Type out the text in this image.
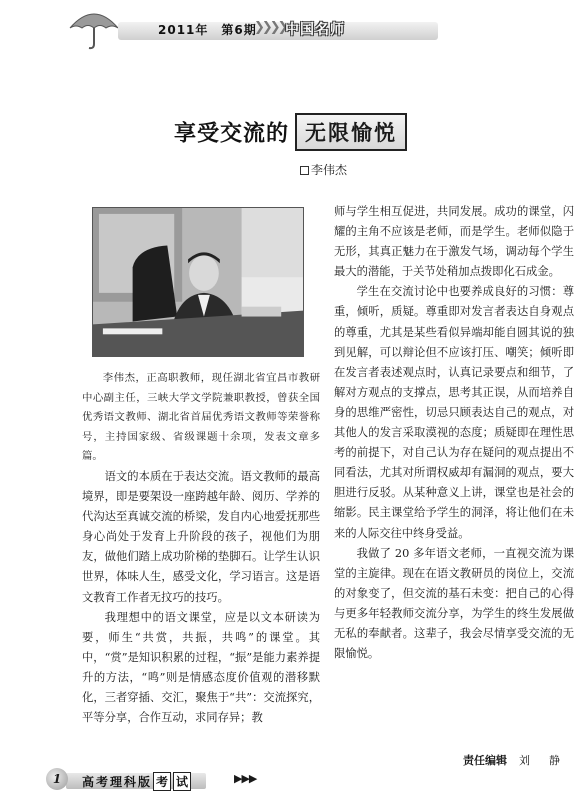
2011年　第6期
❯❯❯❯ 中国名师
享受交流的 无限愉悦
李伟杰

李伟杰，正高职教师，现任湖北省宜昌市教研中心副主任，三峡大学文学院兼职教授，曾获全国优秀语文教师、湖北省首届优秀语文教师等荣誉称号，主持国家级、省级课题十余项，发表文章多篇。

语文的本质在于表达交流。语文教师的最高境界，即是要架设一座跨越年龄、阅历、学养的代沟达至真诚交流的桥梁，发自内心地爱抚那些身心尚处于发育上升阶段的孩子，视他们为朋友，做他们踏上成功阶梯的垫脚石。让学生认识世界，体味人生，感受文化，学习语言。这是语文教育工作者无抆巧的技巧。

我理想中的语文课堂，应是以文本研读为要，师生“共赏，共振，共鸣”的课堂。其中，“赏”是知识积累的过程，“振”是能力素养提升的方法，“鸣”则是情感态度价值观的潜移默化，三者穿插、交汇，聚焦于“共”：交流探究，平等分享，合作互动，求同存异；教

师与学生相互促进，共同发展。成功的课堂，闪耀的主角不应该是老师，而是学生。老师似隐于无形，其真正魅力在于激发气场，调动每个学生最大的潜能，于关节处稍加点拨即化石成金。

学生在交流讨论中也要养成良好的习惯：尊重，倾听，质疑。尊重即对发言者表达自身观点的尊重，尤其是某些看似异端却能自圆其说的独到见解，可以辩论但不应该打压、嘲笑；倾听即在发言者表述观点时，认真记录要点和细节，了解对方观点的支撑点，思考其正误，从而培养自身的思维严密性，切忌只顾表达自己的观点，对其他人的发言采取漠视的态度；质疑即在理性思考的前提下，对自己认为存在疑问的观点提出不同看法，尤其对所谓权威却有漏洞的观点，要大胆进行反驳。从某种意义上讲，课堂也是社会的缩影。民主课堂给予学生的洞泽，将让他们在未来的人际交往中终身受益。

我做了 20 多年语文老师，一直视交流为课堂的主旋律。现在在语文教研员的岗位上，交流的对象变了，但交流的基石未变：把自己的心得与更多年轻教师交流分享，为学生的终生发展做无私的奉献者。这辈子，我会尽情享受交流的无限愉悦。

责任编辑 刘　静
1	高考理科版 考 试	▶▶▶
